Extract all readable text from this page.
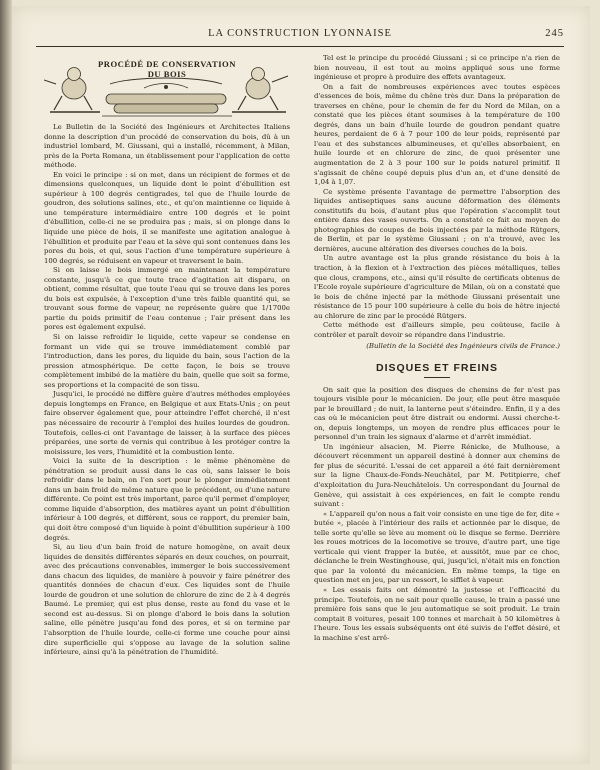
LA CONSTRUCTION LYONNAISE	245
PROCÉDÉ DE CONSERVATION DU BOIS

Le Bulletin de la Société des Ingénieurs et Architectes Italiens donne la description d'un procédé de conservation du bois, dû à un industriel lombard, M. Giussani, qui a installé, récemment, à Milan, près de la Porta Romana, un établissement pour l'application de cette méthode.

En voici le principe : si on met, dans un récipient de formes et de dimensions quelconques, un liquide dont le point d'ébullition est supérieur à 100 degrés centigrades, tel que de l'huile lourde de goudron, des solutions salines, etc., et qu'on maintienne ce liquide à une température intermédiaire entre 100 degrés et le point d'ébullition, celle-ci ne se produira pas ; mais, si on plonge dans le liquide une pièce de bois, il se manifeste une agitation analogue à l'ébullition et produite par l'eau et la sève qui sont contenues dans les pores du bois, et qui, sous l'action d'une température supérieure à 100 degrés, se réduisent en vapeur et traversent le bain.

Si on laisse le bois immergé en maintenant la température constante, jusqu'à ce que toute trace d'agitation ait disparu, on obtient, comme résultat, que toute l'eau qui se trouve dans les pores du bois est expulsée, à l'exception d'une très faible quantité qui, se trouvant sous forme de vapeur, ne représente guère que 1/1700e partie du poids primitif de l'eau contenue ; l'air présent dans les pores est également expulsé.

Si on laisse refroidir le liquide, cette vapeur se condense en formant un vide qui se trouve immédiatement comblé par l'introduction, dans les pores, du liquide du bain, sous l'action de la pression atmosphérique. De cette façon, le bois se trouve complètement imbibé de la matière du bain, quelle que soit sa forme, ses proportions et la compacité de son tissu.

Jusqu'ici, le procédé ne diffère guère d'autres méthodes employées depuis longtemps en France, en Belgique et aux Etats-Unis ; on peut faire observer également que, pour atteindre l'effet cherché, il n'est pas nécessaire de recourir à l'emploi des huiles lourdes de goudron. Toutefois, celles-ci ont l'avantage de laisser, à la surface des pièces préparées, une sorte de vernis qui contribue à les protéger contre la moisissure, les vers, l'humidité et la combustion lente.

Voici la suite de la description : le même phénomène de pénétration se produit aussi dans le cas où, sans laisser le bois refroidir dans le bain, on l'en sort pour le plonger immédiatement dans un bain froid de même nature que le précédent, ou d'une nature différente. Ce point est très important, parce qu'il permet d'employer, comme liquide d'absorption, des matières ayant un point d'ébullition inférieur à 100 degrés, et différent, sous ce rapport, du premier bain, qui doit être composé d'un liquide à point d'ébullition supérieur à 100 degrés.

Si, au lieu d'un bain froid de nature homogène, on avait deux liquides de densités différentes séparés en deux couches, on pourrait, avec des précautions convenables, immerger le bois successivement dans chacun des liquides, de manière à pouvoir y faire pénétrer des quantités données de chacun d'eux. Ces liquides sont de l'huile lourde de goudron et une solution de chlorure de zinc de 2 à 4 degrés Baumé. Le premier, qui est plus dense, reste au fond du vase et le second est au-dessus. Si on plonge d'abord le bois dans la solution saline, elle pénètre jusqu'au fond des pores, et si on termine par l'absorption de l'huile lourde, celle-ci forme une couche pour ainsi dire superficielle qui s'oppose au lavage de la solution saline inférieure, ainsi qu'à la pénétration de l'humidité.

Tel est le principe du procédé Giussani ; si ce principe n'a rien de bien nouveau, il est tout au moins appliqué sous une forme ingénieuse et propre à produire des effets avantageux.

On a fait de nombreuses expériences avec toutes espèces d'essences de bois, même du chêne très dur. Dans la préparation de traverses en chêne, pour le chemin de fer du Nord de Milan, on a constaté que les pièces étant soumises à la température de 100 degrés, dans un bain d'huile lourde de goudron pendant quatre heures, perdaient de 6 à 7 pour 100 de leur poids, représenté par l'eau et des substances albumineuses, et qu'elles absorbaient, en huile lourde et en chlorure de zinc, de quoi présenter une augmentation de 2 à 3 pour 100 sur le poids naturel primitif. Il s'agissait de chêne coupé depuis plus d'un an, et d'une densité de 1,04 à 1,07.

Ce système présente l'avantage de permettre l'absorption des liquides antiseptiques sans aucune déformation des éléments constitutifs du bois, d'autant plus que l'opération s'accomplit tout entière dans des vases ouverts. On a constaté ce fait au moyen de photographies de coupes de bois injectées par la méthode Rütgers, de Berlin, et par le système Giussani ; on n'a trouvé, avec les dernières, aucune altération des diverses couches de la bois.

Un autre avantage est la plus grande résistance du bois à la traction, à la flexion et à l'extraction des pièces métalliques, telles que clous, crampons, etc., ainsi qu'il résulte de certificats obtenus de l'Ecole royale supérieure d'agriculture de Milan, où on a constaté que le bois de chêne injecté par la méthode Giussani présentait une résistance de 15 pour 100 supérieure à celle du bois de hêtre injecté au chlorure de zinc par le procédé Rütgers.

Cette méthode est d'ailleurs simple, peu coûteuse, facile à contrôler et paraît devoir se répandre dans l'industrie.

(Bulletin de la Société des Ingénieurs civils de France.)

DISQUES ET FREINS

On sait que la position des disques de chemins de fer n'est pas toujours visible pour le mécanicien. De jour, elle peut être masquée par le brouillard ; de nuit, la lanterne peut s'éteindre. Enfin, il y a des cas où le mécanicien peut être distrait ou endormi. Aussi cherche-t-on, depuis longtemps, un moyen de rendre plus efficaces pour le personnel d'un train les signaux d'alarme et d'arrêt immédiat.

Un ingénieur alsacien, M. Pierre Rénicke, de Mulhouse, a découvert récemment un appareil destiné à donner aux chemins de fer plus de sécurité. L'essai de cet appareil a été fait dernièrement sur la ligne Chaux-de-Fonds-Neuchâtel, par M. Petitpierre, chef d'exploitation du Jura-Neuchâtelois. Un correspondant du Journal de Genève, qui assistait à ces expériences, en fait le compte rendu suivant :

« L'appareil qu'on nous a fait voir consiste en une tige de fer, dite « butée », placée à l'intérieur des rails et actionnée par le disque, de telle sorte qu'elle se lève au moment où le disque se ferme. Derrière les roues motrices de la locomotive se trouve, d'autre part, une tige verticale qui vient frapper la butée, et aussitôt, mue par ce choc, déclanche le frein Westinghouse, qui, jusqu'ici, n'était mis en fonction que par la volonté du mécanicien. En même temps, la tige en question met en jeu, par un ressort, le sifflet à vapeur.

« Les essais faits ont démontré la justesse et l'efficacité du principe. Toutefois, on ne sait pour quelle cause, le train a passé une première fois sans que le jeu automatique se soit produit. Le train comptait 8 voitures, pesait 100 tonnes et marchait à 50 kilomètres à l'heure. Tous les essais subséquents ont été suivis de l'effet désiré, et la machine s'est arrê-
